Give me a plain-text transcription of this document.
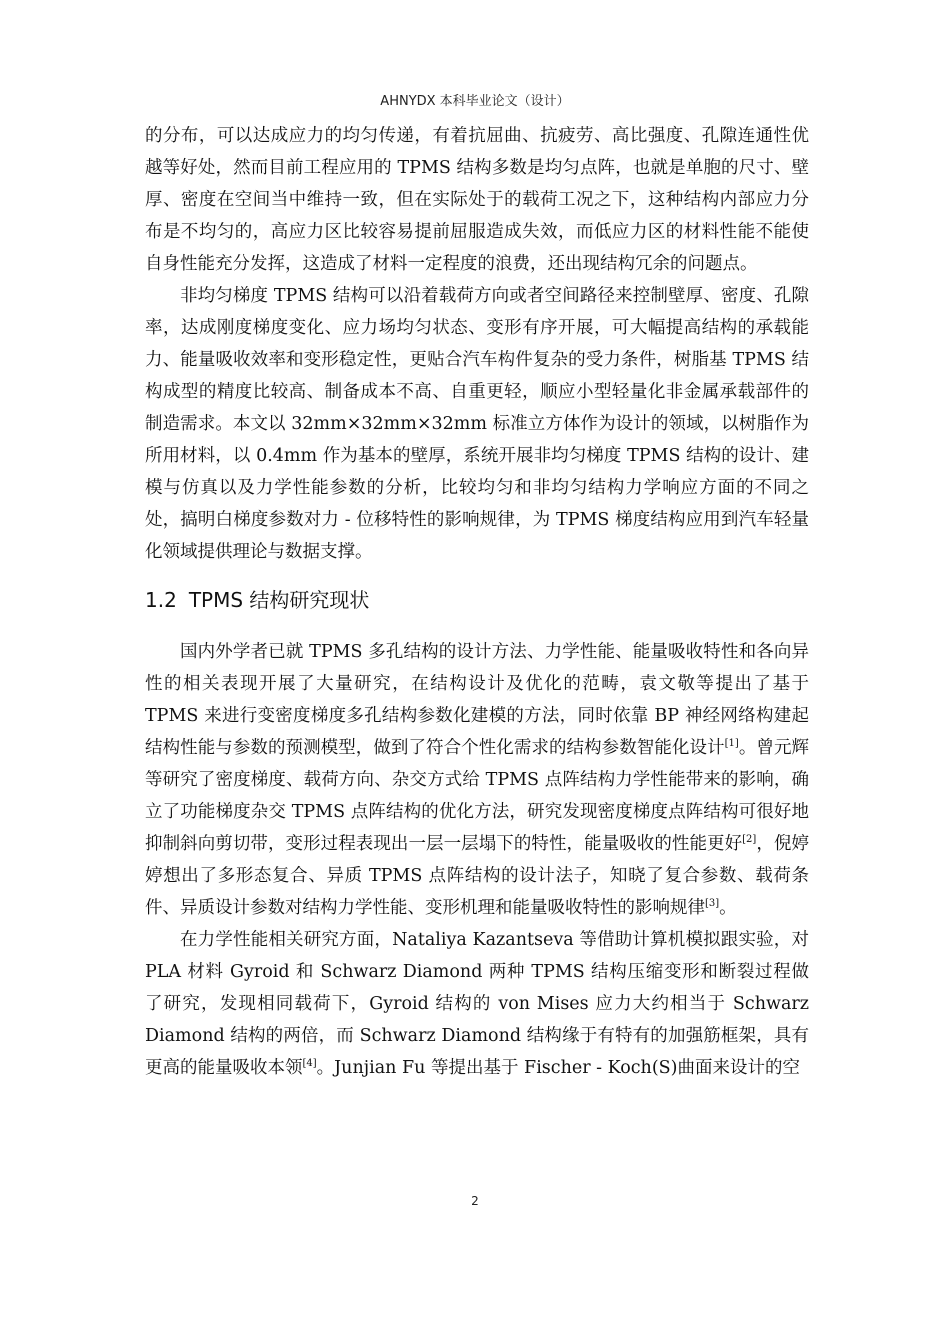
AHNYDX 本科毕业论文（设计）

的分布，可以达成应力的均匀传递，有着抗屈曲、抗疲劳、高比强度、孔隙连通性优越等好处，然而目前工程应用的 TPMS 结构多数是均匀点阵，也就是单胞的尺寸、壁厚、密度在空间当中维持一致，但在实际处于的载荷工况之下，这种结构内部应力分布是不均匀的，高应力区比较容易提前屈服造成失效，而低应力区的材料性能不能使自身性能充分发挥，这造成了材料一定程度的浪费，还出现结构冗余的问题点。

非均匀梯度 TPMS 结构可以沿着载荷方向或者空间路径来控制壁厚、密度、孔隙率，达成刚度梯度变化、应力场均匀状态、变形有序开展，可大幅提高结构的承载能力、能量吸收效率和变形稳定性，更贴合汽车构件复杂的受力条件，树脂基 TPMS 结构成型的精度比较高、制备成本不高、自重更轻，顺应小型轻量化非金属承载部件的制造需求。本文以 32mm×32mm×32mm 标准立方体作为设计的领域，以树脂作为所用材料，以 0.4mm 作为基本的壁厚，系统开展非均匀梯度 TPMS 结构的设计、建模与仿真以及力学性能参数的分析，比较均匀和非均匀结构力学响应方面的不同之处，搞明白梯度参数对力 - 位移特性的影响规律，为 TPMS 梯度结构应用到汽车轻量化领域提供理论与数据支撑。

1.2 TPMS 结构研究现状

国内外学者已就 TPMS 多孔结构的设计方法、力学性能、能量吸收特性和各向异性的相关表现开展了大量研究，在结构设计及优化的范畴，袁文敬等提出了基于 TPMS 来进行变密度梯度多孔结构参数化建模的方法，同时依靠 BP 神经网络构建起结构性能与参数的预测模型，做到了符合个性化需求的结构参数智能化设计[1]。曾元辉等研究了密度梯度、载荷方向、杂交方式给 TPMS 点阵结构力学性能带来的影响，确立了功能梯度杂交 TPMS 点阵结构的优化方法，研究发现密度梯度点阵结构可很好地抑制斜向剪切带，变形过程表现出一层一层塌下的特性，能量吸收的性能更好[2]，倪婷婷想出了多形态复合、异质 TPMS 点阵结构的设计法子，知晓了复合参数、载荷条件、异质设计参数对结构力学性能、变形机理和能量吸收特性的影响规律[3]。

在力学性能相关研究方面，Nataliya Kazantseva 等借助计算机模拟跟实验，对 PLA 材料 Gyroid 和 Schwarz Diamond 两种 TPMS 结构压缩变形和断裂过程做了研究，发现相同载荷下，Gyroid 结构的 von Mises 应力大约相当于 Schwarz Diamond 结构的两倍，而 Schwarz Diamond 结构缘于有特有的加强筋框架，具有更高的能量吸收本领[4]。Junjian Fu 等提出基于 Fischer - Koch(S)曲面来设计的空

2
